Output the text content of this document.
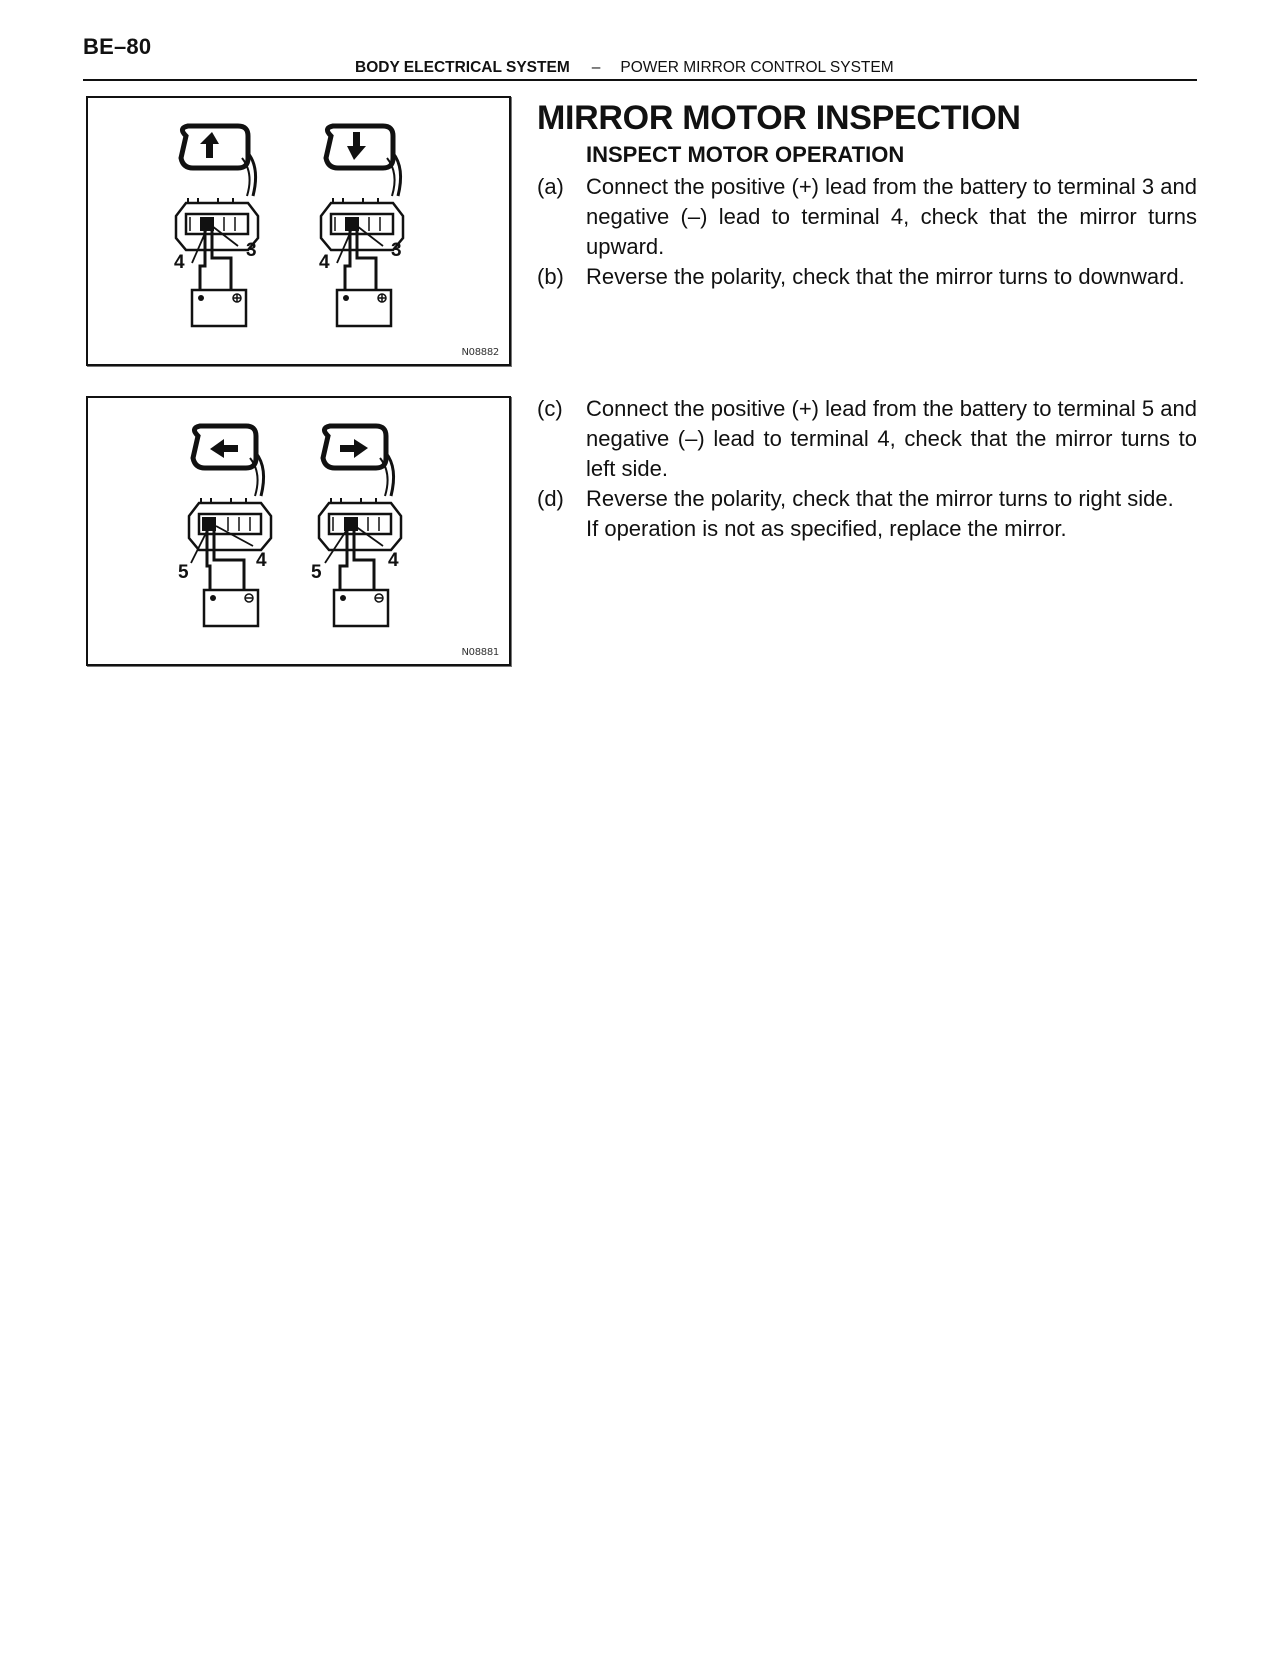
BE–80
BODY ELECTRICAL SYSTEM – POWER MIRROR CONTROL SYSTEM
4
3
4
3
N08882
5
4
5
4
N08881
MIRROR MOTOR INSPECTION
INSPECT MOTOR OPERATION
(a)	Connect the positive (+) lead from the battery to terminal 3 and negative (–) lead to terminal 4, check that the mirror turns upward.
(b)	Reverse the polarity, check that the mirror turns to downward.
(c)	Connect the positive (+) lead from the battery to terminal 5 and negative (–) lead to terminal 4, check that the mirror turns to left side.
(d)	Reverse the polarity, check that the mirror turns to right side.
If operation is not as specified, replace the mirror.
